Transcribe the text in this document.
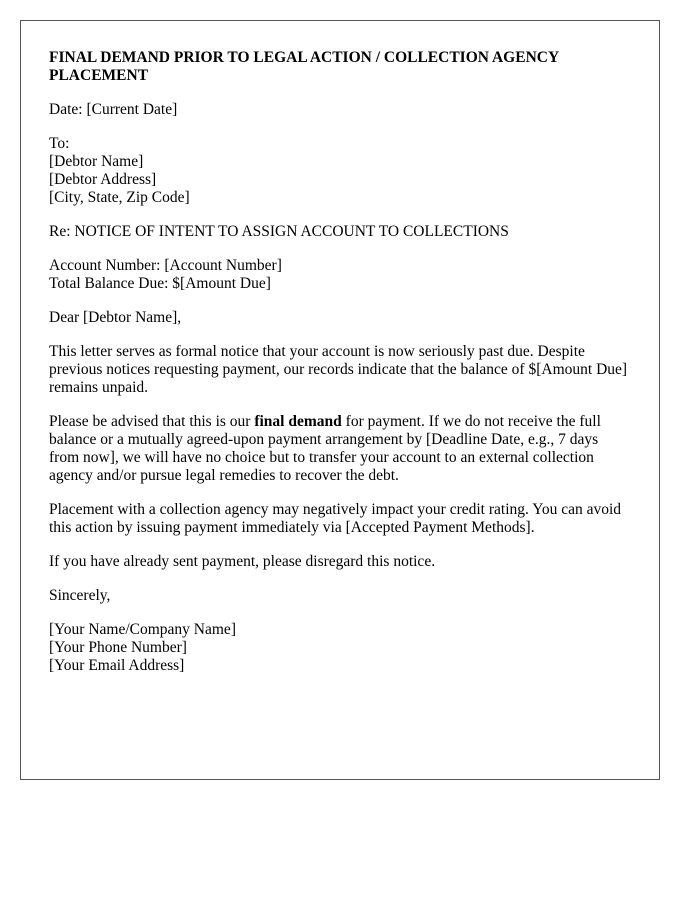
FINAL DEMAND PRIOR TO LEGAL ACTION / COLLECTION AGENCY PLACEMENT
Date: [Current Date]
To:
[Debtor Name]
[Debtor Address]
[City, State, Zip Code]
Re: NOTICE OF INTENT TO ASSIGN ACCOUNT TO COLLECTIONS
Account Number: [Account Number]
Total Balance Due: $[Amount Due]
Dear [Debtor Name],
This letter serves as formal notice that your account is now seriously past due. Despite previous notices requesting payment, our records indicate that the balance of $[Amount Due] remains unpaid.
Please be advised that this is our final demand for payment. If we do not receive the full balance or a mutually agreed-upon payment arrangement by [Deadline Date, e.g., 7 days from now], we will have no choice but to transfer your account to an external collection agency and/or pursue legal remedies to recover the debt.
Placement with a collection agency may negatively impact your credit rating. You can avoid this action by issuing payment immediately via [Accepted Payment Methods].
If you have already sent payment, please disregard this notice.
Sincerely,
[Your Name/Company Name]
[Your Phone Number]
[Your Email Address]
